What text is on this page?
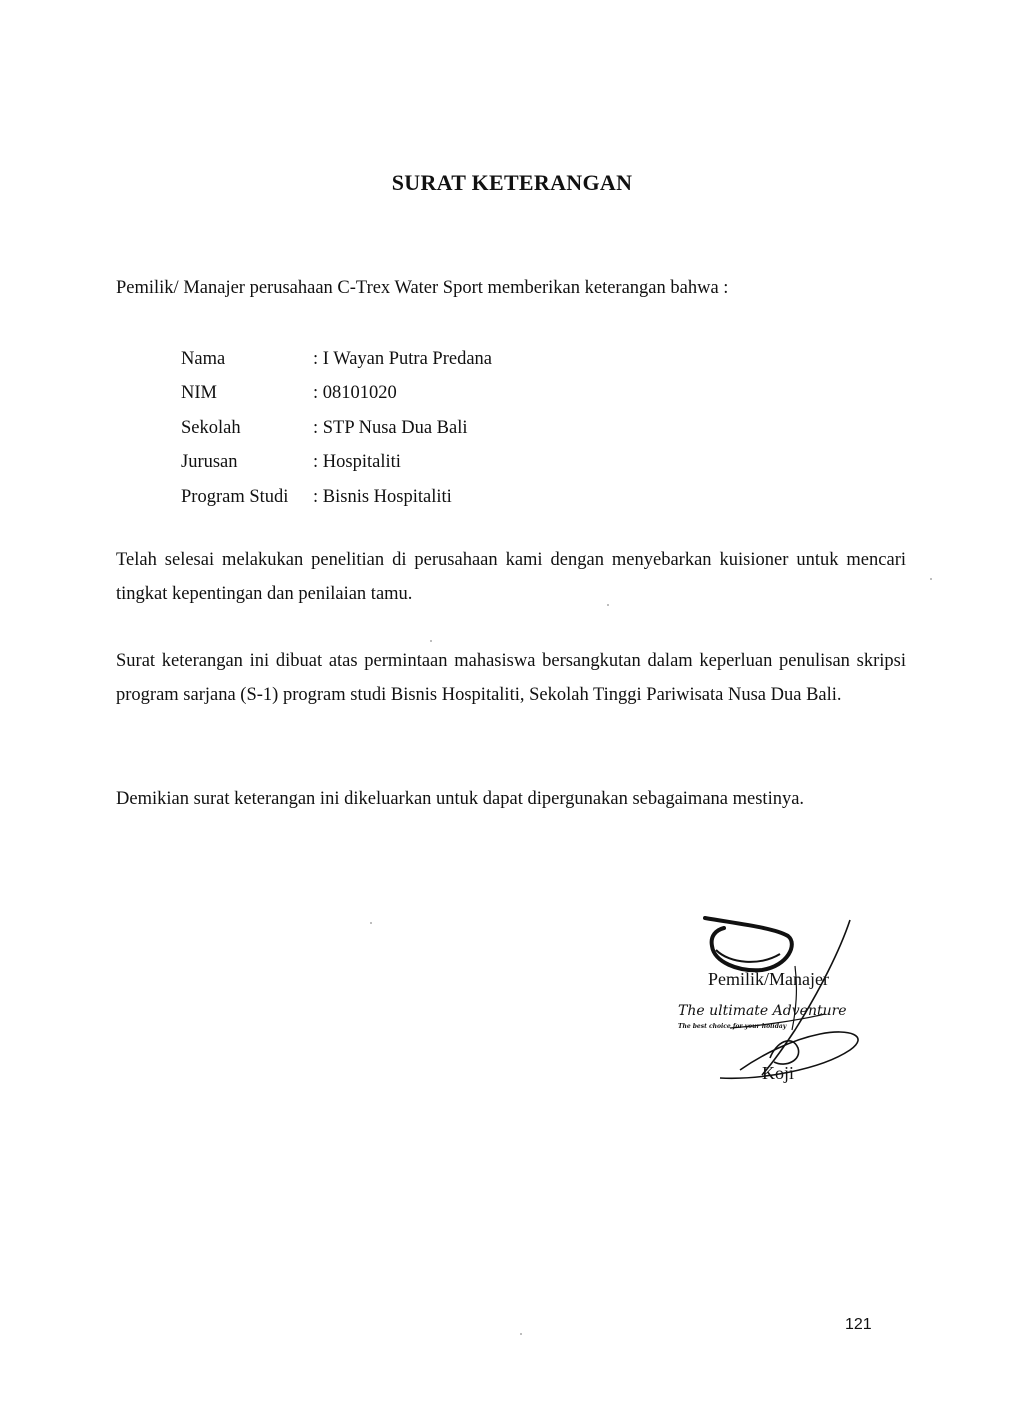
SURAT KETERANGAN
Pemilik/ Manajer perusahaan C-Trex Water Sport memberikan keterangan bahwa :
Nama	: I Wayan Putra Predana
NIM	: 08101020
Sekolah	: STP Nusa Dua Bali
Jurusan	: Hospitaliti
Program Studi	: Bisnis Hospitaliti

Telah selesai melakukan penelitian di perusahaan kami dengan menyebarkan kuisioner untuk mencari tingkat kepentingan dan penilaian tamu.

Surat keterangan ini dibuat atas permintaan mahasiswa bersangkutan dalam keperluan penulisan skripsi program sarjana (S-1) program studi Bisnis Hospitaliti, Sekolah Tinggi Pariwisata Nusa Dua Bali.

Demikian surat keterangan ini dikeluarkan untuk dapat dipergunakan sebagaimana mestinya.

Pemilik/Manajer
The ultimate Adventure
The best choice for your holiday
Koji
121
